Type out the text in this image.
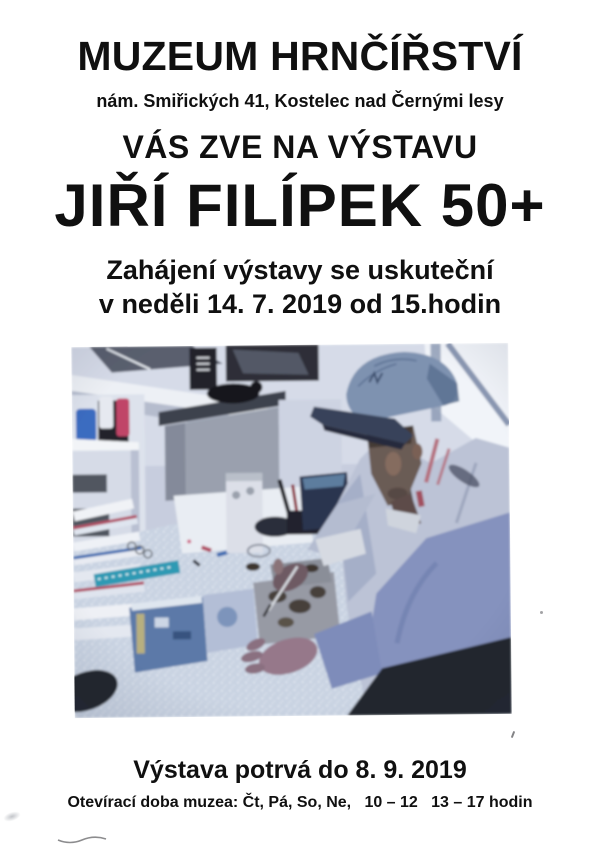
MUZEUM HRNČÍŘSTVÍ
nám. Smiřických 41, Kostelec nad Černými lesy
VÁS ZVE NA VÝSTAVU
JIŘÍ FILÍPEK 50+
Zahájení výstavy se uskuteční
v neděli 14. 7. 2019 od 15.hodin
Výstava potrvá do 8. 9. 2019
Otevírací doba muzea: Čt, Pá, So, Ne,   10 – 12   13 – 17 hodin
